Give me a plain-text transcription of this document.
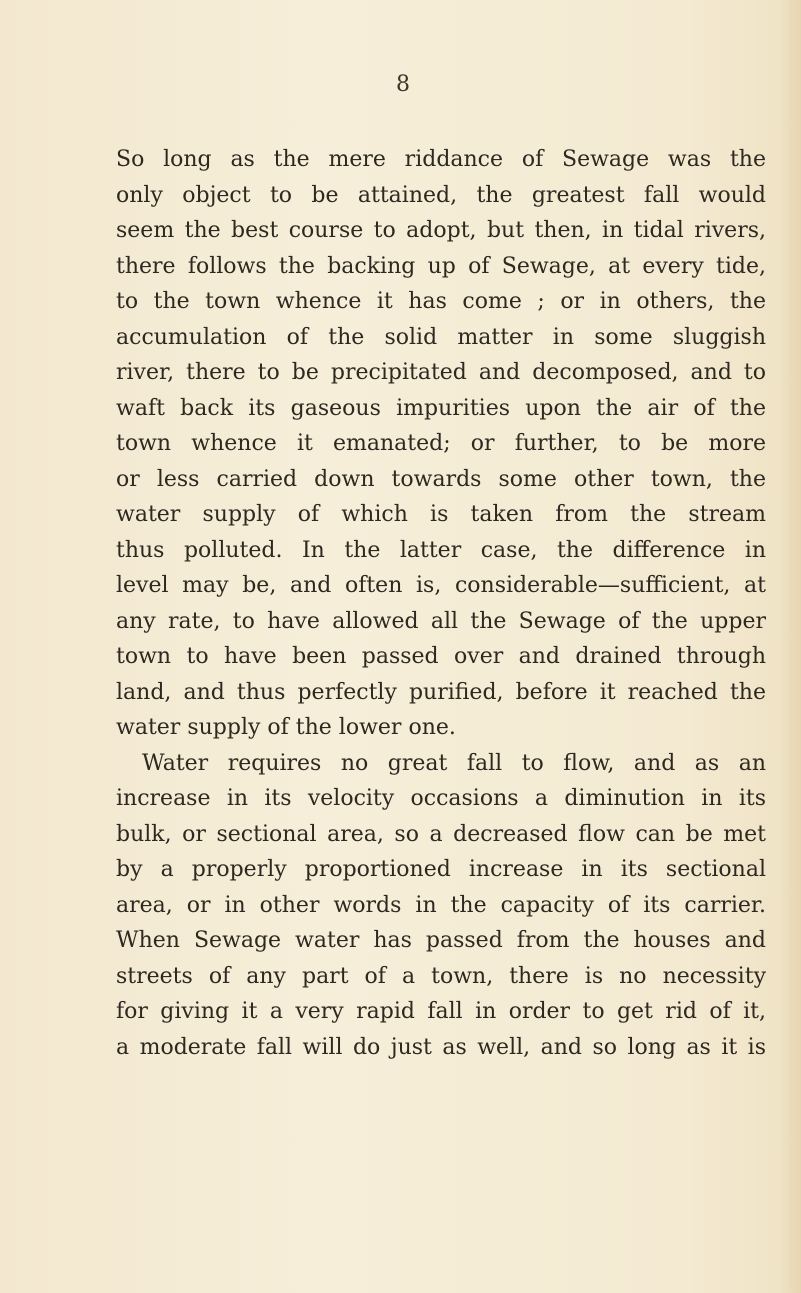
8
So long as the mere riddance of Sewage was the
only object to be attained, the greatest fall would
seem the best course to adopt, but then, in tidal rivers,
there follows the backing up of Sewage, at every tide,
to the town whence it has come ; or in others, the
accumulation of the solid matter in some sluggish
river, there to be precipitated and decomposed, and to
waft back its gaseous impurities upon the air of the
town whence it emanated; or further, to be more
or less carried down towards some other town, the
water supply of which is taken from the stream
thus polluted. In the latter case, the difference in
level may be, and often is, considerable—sufficient, at
any rate, to have allowed all the Sewage of the upper
town to have been passed over and drained through
land, and thus perfectly purified, before it reached the
water supply of the lower one.
Water requires no great fall to flow, and as an
increase in its velocity occasions a diminution in its
bulk, or sectional area, so a decreased flow can be met
by a properly proportioned increase in its sectional
area, or in other words in the capacity of its carrier.
When Sewage water has passed from the houses and
streets of any part of a town, there is no necessity
for giving it a very rapid fall in order to get rid of it,
a moderate fall will do just as well, and so long as it is
